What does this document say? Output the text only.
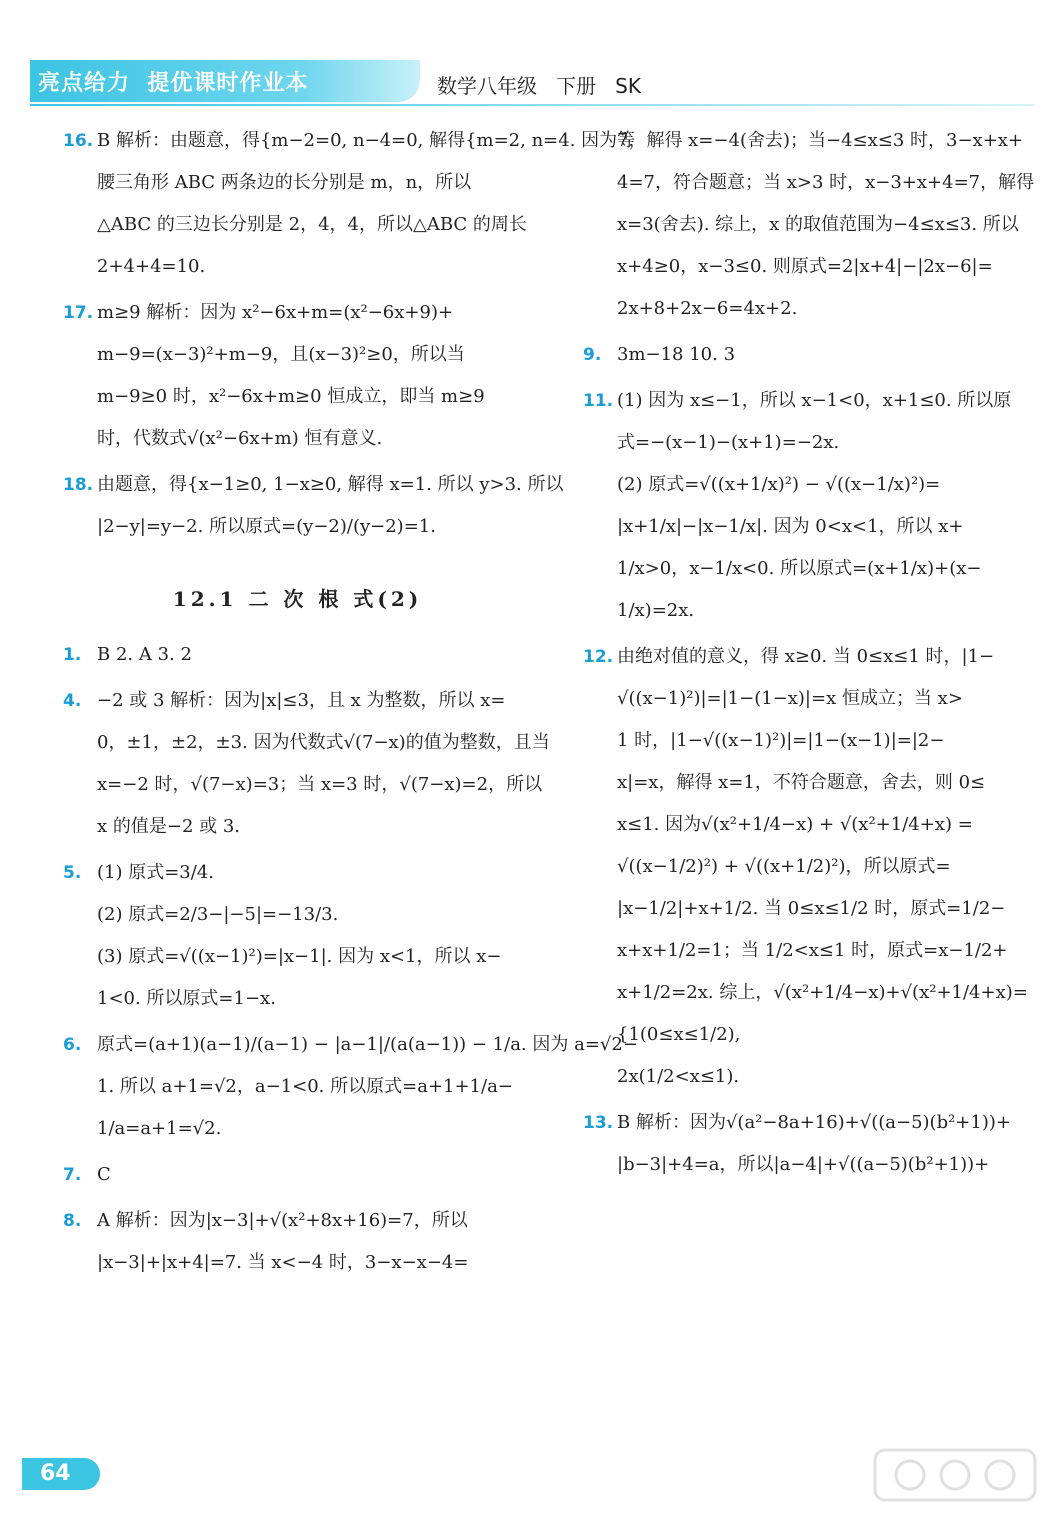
亮点给力  提优课时作业本	数学八年级   下册   SK
16. B 解析：由题意，得{m−2=0, n−4=0, 解得{m=2, n=4. 因为等
腰三角形 ABC 两条边的长分别是 m，n，所以
△ABC 的三边长分别是 2，4，4，所以△ABC 的周长
2+4+4=10.
17. m≥9 解析：因为 x²−6x+m=(x²−6x+9)+
m−9=(x−3)²+m−9，且(x−3)²≥0，所以当
m−9≥0 时，x²−6x+m≥0 恒成立，即当 m≥9
时，代数式√(x²−6x+m) 恒有意义.
18. 由题意，得{x−1≥0, 1−x≥0, 解得 x=1. 所以 y>3. 所以
|2−y|=y−2. 所以原式=(y−2)/(y−2)=1.
12.1 二 次 根 式(2)
1. B 2. A 3. 2
4. −2 或 3 解析：因为|x|≤3，且 x 为整数，所以 x=
0，±1，±2，±3. 因为代数式√(7−x)的值为整数，且当
x=−2 时，√(7−x)=3；当 x=3 时，√(7−x)=2，所以
x 的值是−2 或 3.
5. (1) 原式=3/4.
(2) 原式=2/3−|−5|=−13/3.
(3) 原式=√((x−1)²)=|x−1|. 因为 x<1，所以 x−
1<0. 所以原式=1−x.
6. 原式=(a+1)(a−1)/(a−1) − |a−1|/(a(a−1)) − 1/a. 因为 a=√2−
1. 所以 a+1=√2，a−1<0. 所以原式=a+1+1/a−
1/a=a+1=√2.
7. C
8. A 解析：因为|x−3|+√(x²+8x+16)=7，所以
|x−3|+|x+4|=7. 当 x<−4 时，3−x−x−4=
7，解得 x=−4(舍去)；当−4≤x≤3 时，3−x+x+
4=7，符合题意；当 x>3 时，x−3+x+4=7，解得
x=3(舍去). 综上，x 的取值范围为−4≤x≤3. 所以
x+4≥0，x−3≤0. 则原式=2|x+4|−|2x−6|=
2x+8+2x−6=4x+2.
9. 3m−18 10. 3
11. (1) 因为 x≤−1，所以 x−1<0，x+1≤0. 所以原
式=−(x−1)−(x+1)=−2x.
(2) 原式=√((x+1/x)²) − √((x−1/x)²)=
|x+1/x|−|x−1/x|. 因为 0<x<1，所以 x+
1/x>0，x−1/x<0. 所以原式=(x+1/x)+(x−
1/x)=2x.
12. 由绝对值的意义，得 x≥0. 当 0≤x≤1 时，|1−
√((x−1)²)|=|1−(1−x)|=x 恒成立；当 x>
1 时，|1−√((x−1)²)|=|1−(x−1)|=|2−
x|=x，解得 x=1，不符合题意，舍去，则 0≤
x≤1. 因为√(x²+1/4−x) + √(x²+1/4+x) =
√((x−1/2)²) + √((x+1/2)²)，所以原式=
|x−1/2|+x+1/2. 当 0≤x≤1/2 时，原式=1/2−
x+x+1/2=1；当 1/2<x≤1 时，原式=x−1/2+
x+1/2=2x. 综上，√(x²+1/4−x)+√(x²+1/4+x)=
{1(0≤x≤1/2),
2x(1/2<x≤1).
13. B 解析：因为√(a²−8a+16)+√((a−5)(b²+1))+
|b−3|+4=a，所以|a−4|+√((a−5)(b²+1))+
64
